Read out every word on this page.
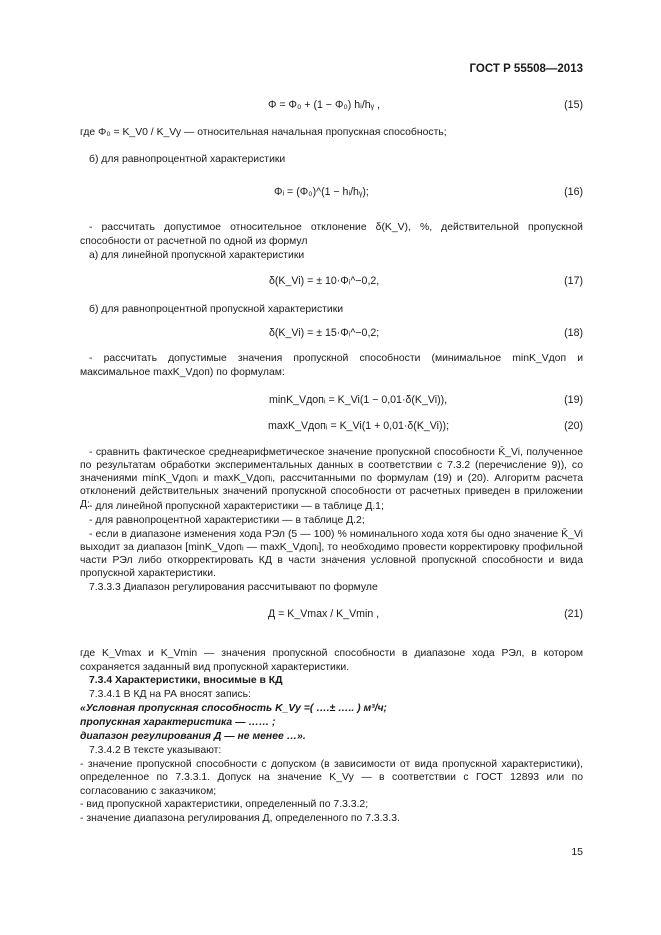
ГОСТ Р 55508—2013
Φ = Φ₀ + (1 − Φ₀) hᵢ/hᵧ ,	(15)
где Φ₀ = K_V0 / K_Vy — относительная начальная пропускная способность;
б) для равнопроцентной характеристики
Φᵢ = (Φ₀)^(1 − hᵢ/hᵧ);	(16)
- рассчитать допустимое относительное отклонение δ(K_V), %, действительной пропускной способности от расчетной по одной из формул
а) для линейной пропускной характеристики
δ(K_Vi) = ± 10·Φᵢ^−0,2,	(17)
б) для равнопроцентной пропускной характеристики
δ(K_Vi) = ± 15·Φᵢ^−0,2;	(18)
- рассчитать допустимые значения пропускной способности (минимальное minK_Vдоп и максимальное maxK_Vдоп) по формулам:
minK_Vдопᵢ = K_Vi(1 − 0,01·δ(K_Vi)),	(19)
maxK_Vдопᵢ = K_Vi(1 + 0,01·δ(K_Vi));	(20)
- сравнить фактическое среднеарифметическое значение пропускной способности K̄_Vi, полученное по результатам обработки экспериментальных данных в соответствии с 7.3.2 (перечисление 9)), со значениями minK_Vдопᵢ и maxK_Vдопᵢ, рассчитанными по формулам (19) и (20). Алгоритм расчета отклонений действительных значений пропускной способности от расчетных приведен в приложении Д: - для линейной пропускной характеристики — в таблице Д.1;
- для равнопроцентной характеристики — в таблице Д.2;
- если в диапазоне изменения хода РЭл (5 — 100) % номинального хода хотя бы одно значение K̄_Vi выходит за диапазон [minK_Vдопᵢ — maxK_Vдопᵢ], то необходимо провести корректировку профильной части РЭл либо откорректировать КД в части значения условной пропускной способности и вида пропускной характеристики.
7.3.3.3 Диапазон регулирования рассчитывают по формуле
Д = K_Vmax / K_Vmin ,	(21)
где K_Vmax и K_Vmin — значения пропускной способности в диапазоне хода РЭл, в котором сохраняется заданный вид пропускной характеристики.
7.3.4 Характеристики, вносимые в КД
7.3.4.1 В КД на РА вносят запись:
«Условная пропускная способность K_Vy =( ….± ….. ) м³/ч;
пропускная характеристика — …… ;
диапазон регулирования Д — не менее …».
7.3.4.2 В тексте указывают:
- значение пропускной способности с допуском (в зависимости от вида пропускной характеристики), определенное по 7.3.3.1. Допуск на значение K_Vy — в соответствии с ГОСТ 12893 или по согласованию с заказчиком;
- вид пропускной характеристики, определенный по 7.3.3.2;
- значение диапазона регулирования Д, определенного по 7.3.3.3.
15
